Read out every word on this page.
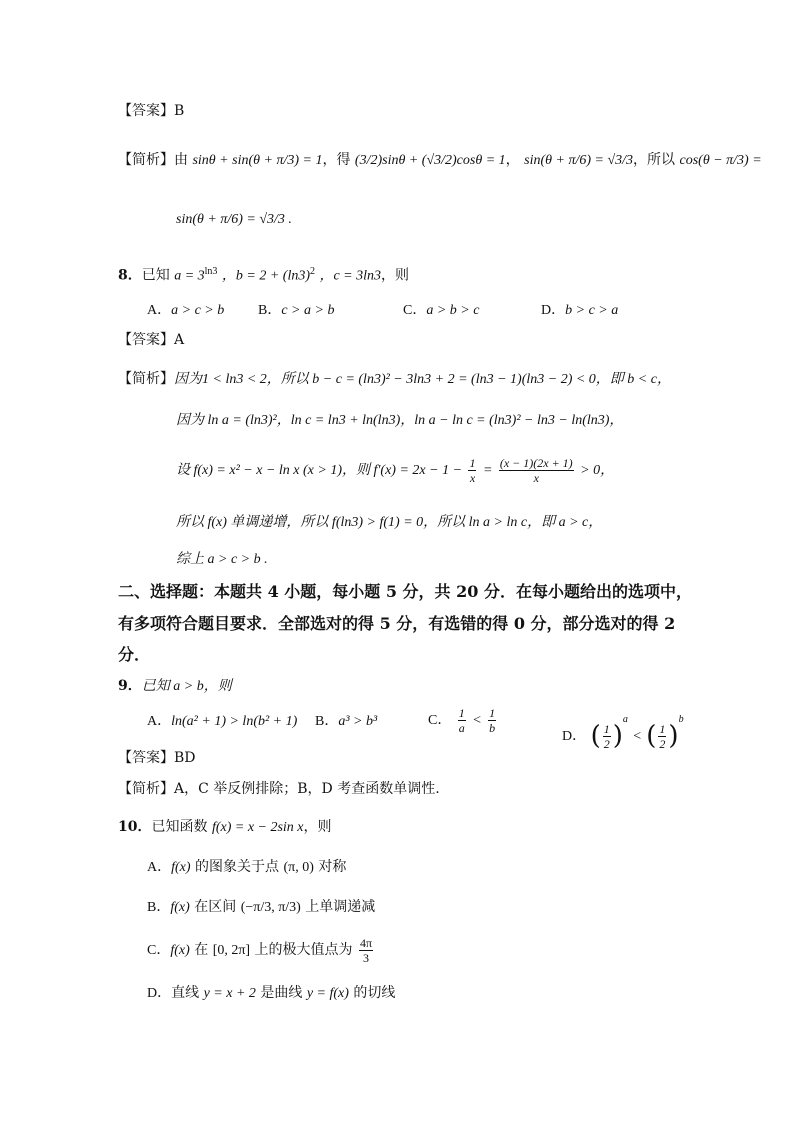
【答案】B
【简析】由 sinθ + sin(θ + π/3) = 1，得 (3/2)sinθ + (√3/2)cosθ = 1， sin(θ + π/6) = √3/3，所以 cos(θ − π/3) =
sin(θ + π/6) = √3/3 .
8．已知 $a = 3^{ln3}$ ，$b = 2 + (\ln 3)^2$ ，c = 3ln3，则
A．a > c > b B．c > a > b	C．a > b > c	D．b > c > a
【答案】A
【简析】因为1 < ln3 < 2，所以 b − c = (ln3)² − 3ln3 + 2 = (ln3 − 1)(ln3 − 2) < 0，即 b < c，
因为 ln a = (ln3)²，ln c = ln3 + ln(ln3)，ln a − ln c = (ln3)² − ln3 − ln(ln3)，
设 f(x) = x² − x − ln x (x > 1)，则 $f'(x) = 2x - 1 - \frac{1}{x} = \frac{(x - 1)(2x + 1)}{x} > 0$，
所以 f(x) 单调递增，所以 f(ln3) > f(1) = 0，所以 ln a > ln c，即 a > c，
综上 a > c > b .
二、选择题：本题共 4 小题，每小题 5 分，共 20 分．在每小题给出的选项中，
有多项符合题目要求．全部选对的得 5 分，有选错的得 0 分，部分选对的得 2
分．
9．已知 a > b，则
A．ln(a² + 1) > ln(b² + 1) B．a³ > b³	C． $\frac{1}{a} < \frac{1}{b}$
D． ( $\frac{1}{2} )^a$ < ( $\frac{1}{2} )^b$
【答案】BD
【简析】A，C 举反例排除；B，D 考查函数单调性.
10．已知函数 f(x) = x − 2sin x，则
A．f(x) 的图象关于点 (π, 0) 对称
B．f(x) 在区间 (−π/3, π/3) 上单调递减
C．f(x) 在 [0, 2π] 上的极大值点为 $\frac{4\pi}{3}$
D．直线 y = x + 2 是曲线 y = f(x) 的切线
